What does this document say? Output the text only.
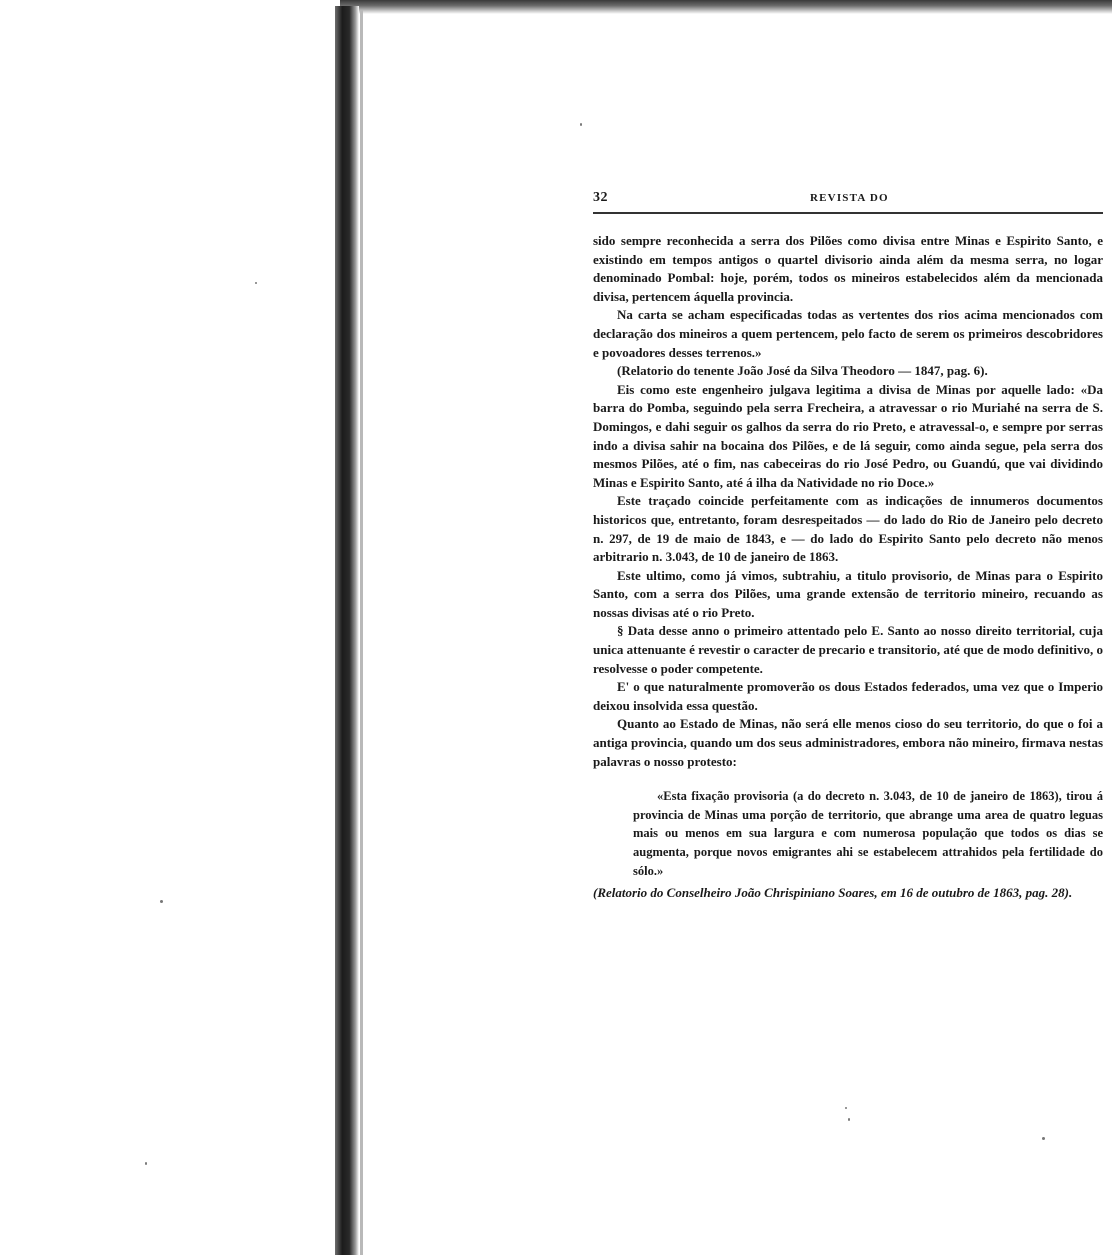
32	REVISTA DO

sido sempre reconhecida a serra dos Pilões como divisa entre Minas e Espirito Santo, e existindo em tempos antigos o quartel divisorio ainda além da mesma serra, no logar denominado Pombal: hoje, porém, todos os mineiros estabelecidos além da mencionada divisa, pertencem áquella provincia.

Na carta se acham especificadas todas as vertentes dos rios acima mencionados com declaração dos mineiros a quem pertencem, pelo facto de serem os primeiros descobridores e povoadores desses terrenos.»

(Relatorio do tenente João José da Silva Theodoro — 1847, pag. 6).

Eis como este engenheiro julgava legitima a divisa de Minas por aquelle lado: «Da barra do Pomba, seguindo pela serra Frecheira, a atravessar o rio Muriahé na serra de S. Domingos, e dahi seguir os galhos da serra do rio Preto, e atravessal-o, e sempre por serras indo a divisa sahir na bocaina dos Pilões, e de lá seguir, como ainda segue, pela serra dos mesmos Pilões, até o fim, nas cabeceiras do rio José Pedro, ou Guandú, que vai dividindo Minas e Espirito Santo, até á ilha da Natividade no rio Doce.»

Este traçado coincide perfeitamente com as indicações de innumeros documentos historicos que, entretanto, foram desrespeitados — do lado do Rio de Janeiro pelo decreto n. 297, de 19 de maio de 1843, e — do lado do Espirito Santo pelo decreto não menos arbitrario n. 3.043, de 10 de janeiro de 1863.

Este ultimo, como já vimos, subtrahiu, a titulo provisorio, de Minas para o Espirito Santo, com a serra dos Pilões, uma grande extensão de territorio mineiro, recuando as nossas divisas até o rio Preto.

§ Data desse anno o primeiro attentado pelo E. Santo ao nosso direito territorial, cuja unica attenuante é revestir o caracter de precario e transitorio, até que de modo definitivo, o resolvesse o poder competente.

E' o que naturalmente promoverão os dous Estados federados, uma vez que o Imperio deixou insolvida essa questão.

Quanto ao Estado de Minas, não será elle menos cioso do seu territorio, do que o foi a antiga provincia, quando um dos seus administradores, embora não mineiro, firmava nestas palavras o nosso protesto:

«Esta fixação provisoria (a do decreto n. 3.043, de 10 de janeiro de 1863), tirou á provincia de Minas uma porção de territorio, que abrange uma area de quatro leguas mais ou menos em sua largura e com numerosa população que todos os dias se augmenta, porque novos emigrantes ahi se estabelecem attrahidos pela fertilidade do sólo.»

(Relatorio do Conselheiro João Chrispiniano Soares, em 16 de outubro de 1863, pag. 28).
